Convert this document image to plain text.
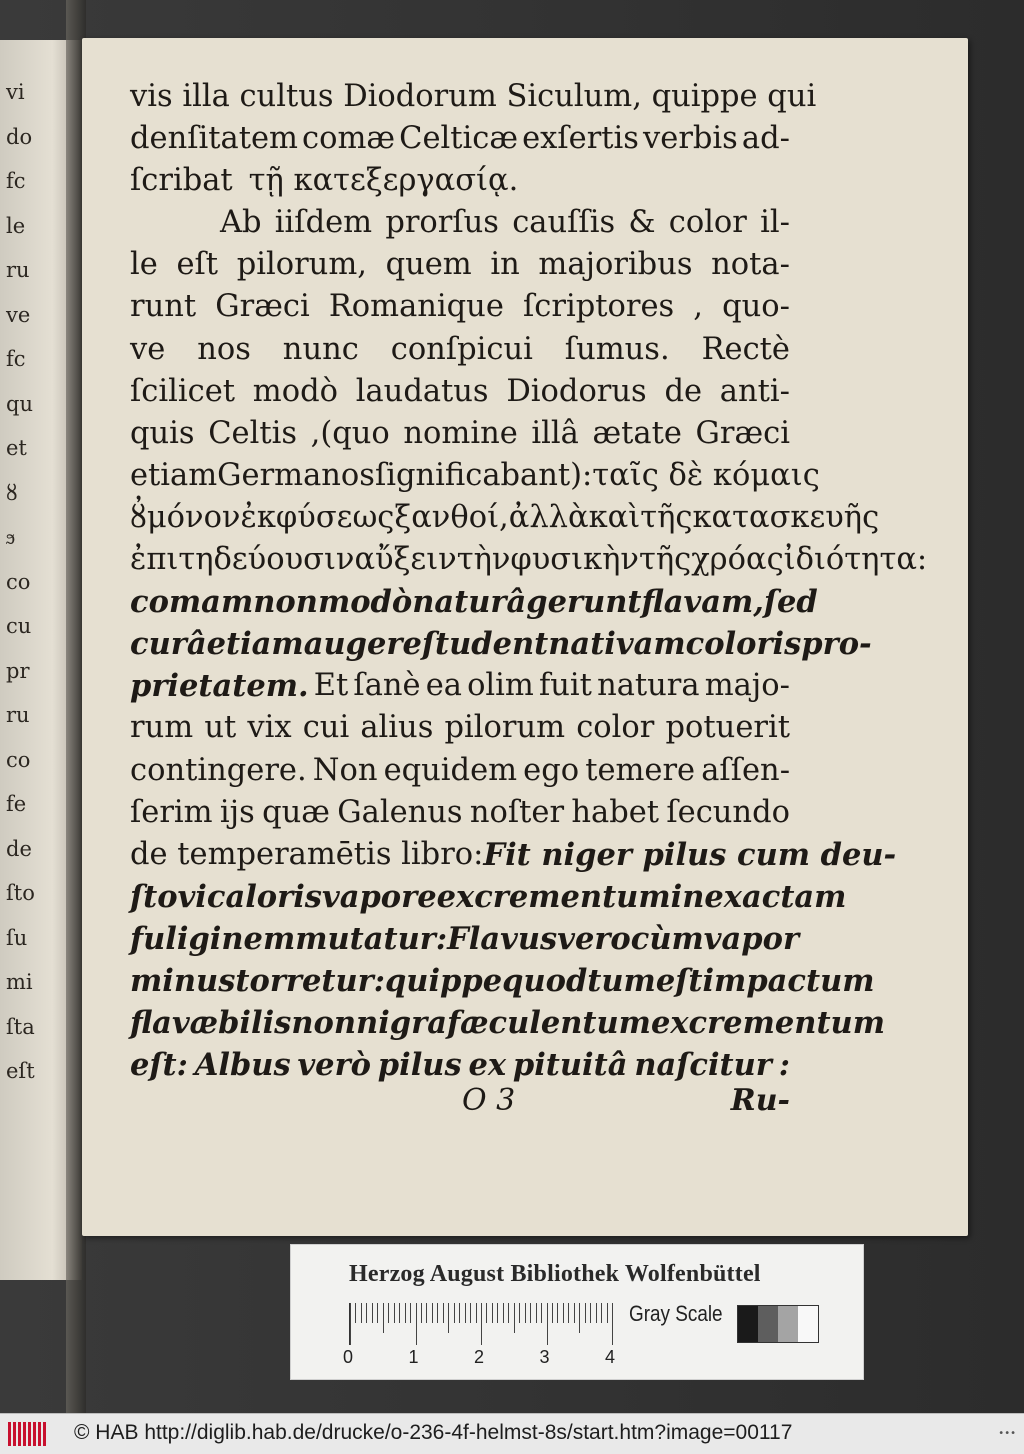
vi
do
fc
le
ru
ve
fc
qu
et
ȣ
ϧ
co
cu
pr
ru
co
fe
de
ſto
ſu
mi
ſta
eſt
vis illa cultus Diodorum Siculum, quippe qui
denſitatem comæ Celticæ exſertis verbis ad-
ſcribat τῇ κατεξεργασίᾳ.
Ab iiſdem prorſus cauſſis & color il-
le eſt pilorum, quem in majoribus nota-
runt Græci Romanique ſcriptores , quo-
ve nos nunc conſpicui ſumus. Rectè
ſcilicet modò laudatus Diodorus de anti-
quis Celtis ,(quo nomine illâ ætate Græci
etiamGermanos ſignificabant): ταῖς δὲ κόμαις
ȣ̓ μόνον ἐκ φύσεως ξανθοί, ἀλλὰ καὶ τῆς κατασκευῆς
ἐπιτηδεύουσιν αὔξειν τὴν φυσικὴν τῆς χρόας ἰδιότητα:
comam non modò naturâ gerunt flavam, ſed
curâ etiam augere ſtudent nativam coloris pro-
prietatem. Et ſanè ea olim fuit natura majo-
rum ut vix cui alius pilorum color potuerit
contingere. Non equidem ego temere aſſen-
ſerim ijs quæ Galenus noſter habet ſecundo
de temperamētis libro: Fit niger pilus cum deu-
ſto vi caloris vapore excrementum in exactam
fuliginem mutatur : Flavus vero cùm vapor
minus torretur: quippe quod tum eſt impactum
flavæ bilis non nigra fæculentum excrementum
eſt: Albus verò pilus ex pituitâ naſcitur :
O 3	Ru-
Herzog August Bibliothek Wolfenbüttel
Gray Scale
0	1	2	3	4
© HAB http://diglib.hab.de/drucke/o-236-4f-helmst-8s/start.htm?image=00117	•••
